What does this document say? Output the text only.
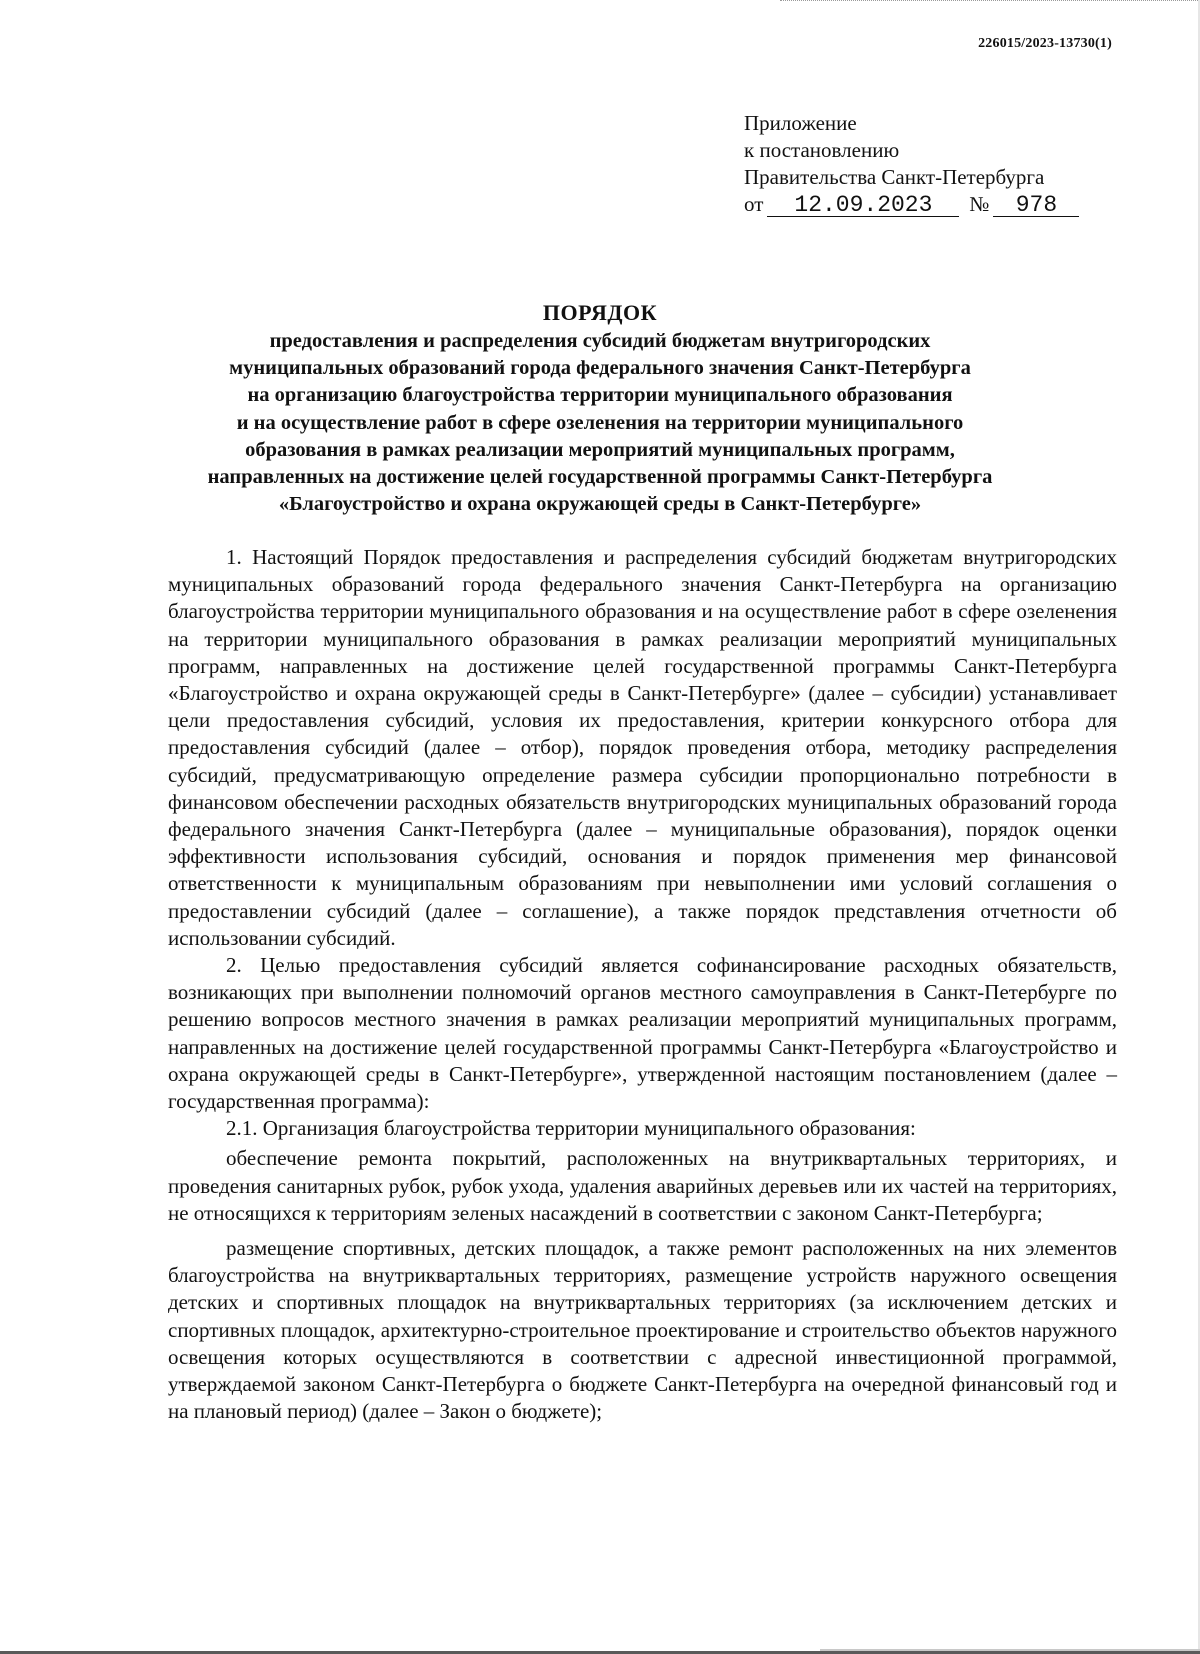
226015/2023-13730(1)
Приложение
к постановлению
Правительства Санкт-Петербурга
от 12.09.2023 № 978
ПОРЯДОК
предоставления и распределения субсидий бюджетам внутригородских
муниципальных образований города федерального значения Санкт-Петербурга
на организацию благоустройства территории муниципального образования
и на осуществление работ в сфере озеленения на территории муниципального
образования в рамках реализации мероприятий муниципальных программ,
направленных на достижение целей государственной программы Санкт-Петербурга
«Благоустройство и охрана окружающей среды в Санкт-Петербурге»

1. Настоящий Порядок предоставления и распределения субсидий бюджетам внутригородских муниципальных образований города федерального значения Санкт-Петербурга на организацию благоустройства территории муниципального образования и на осуществление работ в сфере озеленения на территории муниципального образования в рамках реализации мероприятий муниципальных программ, направленных на достижение целей государственной программы Санкт-Петербурга «Благоустройство и охрана окружающей среды в Санкт-Петербурге» (далее – субсидии) устанавливает цели предоставления субсидий, условия их предоставления, критерии конкурсного отбора для предоставления субсидий (далее – отбор), порядок проведения отбора, методику распределения субсидий, предусматривающую определение размера субсидии пропорционально потребности в финансовом обеспечении расходных обязательств внутригородских муниципальных образований города федерального значения Санкт-Петербурга (далее – муниципальные образования), порядок оценки эффективности использования субсидий, основания и порядок применения мер финансовой ответственности к муниципальным образованиям при невыполнении ими условий соглашения о предоставлении субсидий (далее – соглашение), а также порядок представления отчетности об использовании субсидий.

2. Целью предоставления субсидий является софинансирование расходных обязательств, возникающих при выполнении полномочий органов местного самоуправления в Санкт-Петербурге по решению вопросов местного значения в рамках реализации мероприятий муниципальных программ, направленных на достижение целей государственной программы Санкт-Петербурга «Благоустройство и охрана окружающей среды в Санкт-Петербурге», утвержденной настоящим постановлением (далее – государственная программа):

2.1. Организация благоустройства территории муниципального образования:

обеспечение ремонта покрытий, расположенных на внутриквартальных территориях, и проведения санитарных рубок, рубок ухода, удаления аварийных деревьев или их частей на территориях, не относящихся к территориям зеленых насаждений в соответствии с законом Санкт-Петербурга;

размещение спортивных, детских площадок, а также ремонт расположенных на них элементов благоустройства на внутриквартальных территориях, размещение устройств наружного освещения детских и спортивных площадок на внутриквартальных территориях (за исключением детских и спортивных площадок, архитектурно-строительное проектирование и строительство объектов наружного освещения которых осуществляются в соответствии с адресной инвестиционной программой, утверждаемой законом Санкт-Петербурга о бюджете Санкт-Петербурга на очередной финансовый год и на плановый период) (далее – Закон о бюджете);
